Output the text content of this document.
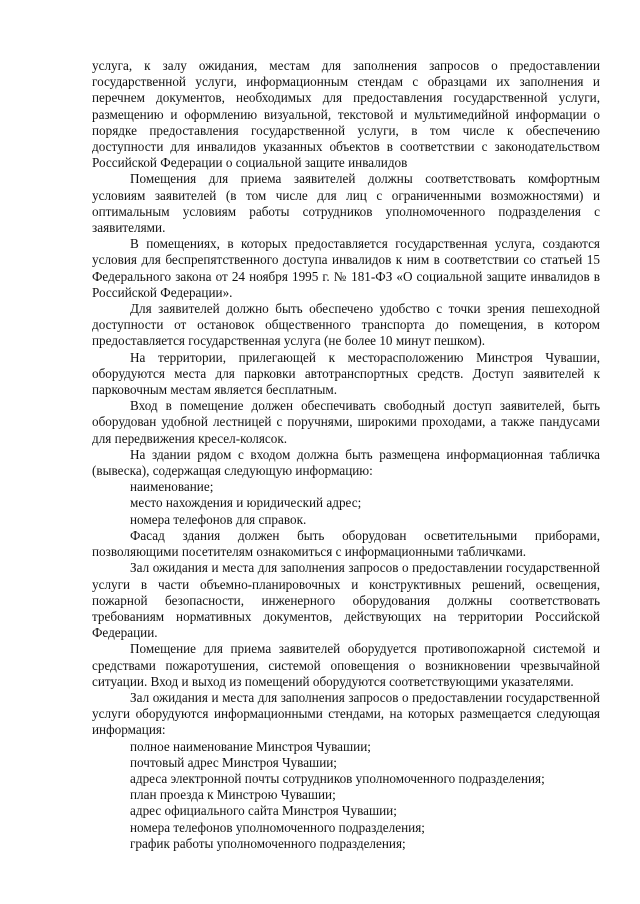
услуга, к залу ожидания, местам для заполнения запросов о предоставлении государственной услуги, информационным стендам с образцами их заполнения и перечнем документов, необходимых для предоставления государственной услуги, размещению и оформлению визуальной, текстовой и мультимедийной информации о порядке предоставления государственной услуги, в том числе к обеспечению доступности для инвалидов указанных объектов в соответствии с законодательством Российской Федерации о социальной защите инвалидов

Помещения для приема заявителей должны соответствовать комфортным условиям заявителей (в том числе для лиц с ограниченными возможностями) и оптимальным условиям работы сотрудников уполномоченного подразделения с заявителями.

В помещениях, в которых предоставляется государственная услуга, создаются условия для беспрепятственного доступа инвалидов к ним в соответствии со статьей 15 Федерального закона от 24 ноября 1995 г. № 181-ФЗ «О социальной защите инвалидов в Российской Федерации».

Для заявителей должно быть обеспечено удобство с точки зрения пешеходной доступности от остановок общественного транспорта до помещения, в котором предоставляется государственная услуга (не более 10 минут пешком).

На территории, прилегающей к месторасположению Минстроя Чувашии, оборудуются места для парковки автотранспортных средств. Доступ заявителей к парковочным местам является бесплатным.

Вход в помещение должен обеспечивать свободный доступ заявителей, быть оборудован удобной лестницей с поручнями, широкими проходами, а также пандусами для передвижения кресел-колясок.

На здании рядом с входом должна быть размещена информационная табличка (вывеска), содержащая следующую информацию:

наименование;

место нахождения и юридический адрес;

номера телефонов для справок.

Фасад здания должен быть оборудован осветительными приборами, позволяющими посетителям ознакомиться с информационными табличками.

Зал ожидания и места для заполнения запросов о предоставлении государственной услуги в части объемно-планировочных и конструктивных решений, освещения, пожарной безопасности, инженерного оборудования должны соответствовать требованиям нормативных документов, действующих на территории Российской Федерации.

Помещение для приема заявителей оборудуется противопожарной системой и средствами пожаротушения, системой оповещения о возникновении чрезвычайной ситуации. Вход и выход из помещений оборудуются соответствующими указателями.

Зал ожидания и места для заполнения запросов о предоставлении государственной услуги оборудуются информационными стендами, на которых размещается следующая информация:

полное наименование Минстроя Чувашии;

почтовый адрес Минстроя Чувашии;

адреса электронной почты сотрудников уполномоченного подразделения;

план проезда к Минстрою Чувашии;

адрес официального сайта Минстроя Чувашии;

номера телефонов уполномоченного подразделения;

график работы уполномоченного подразделения;
